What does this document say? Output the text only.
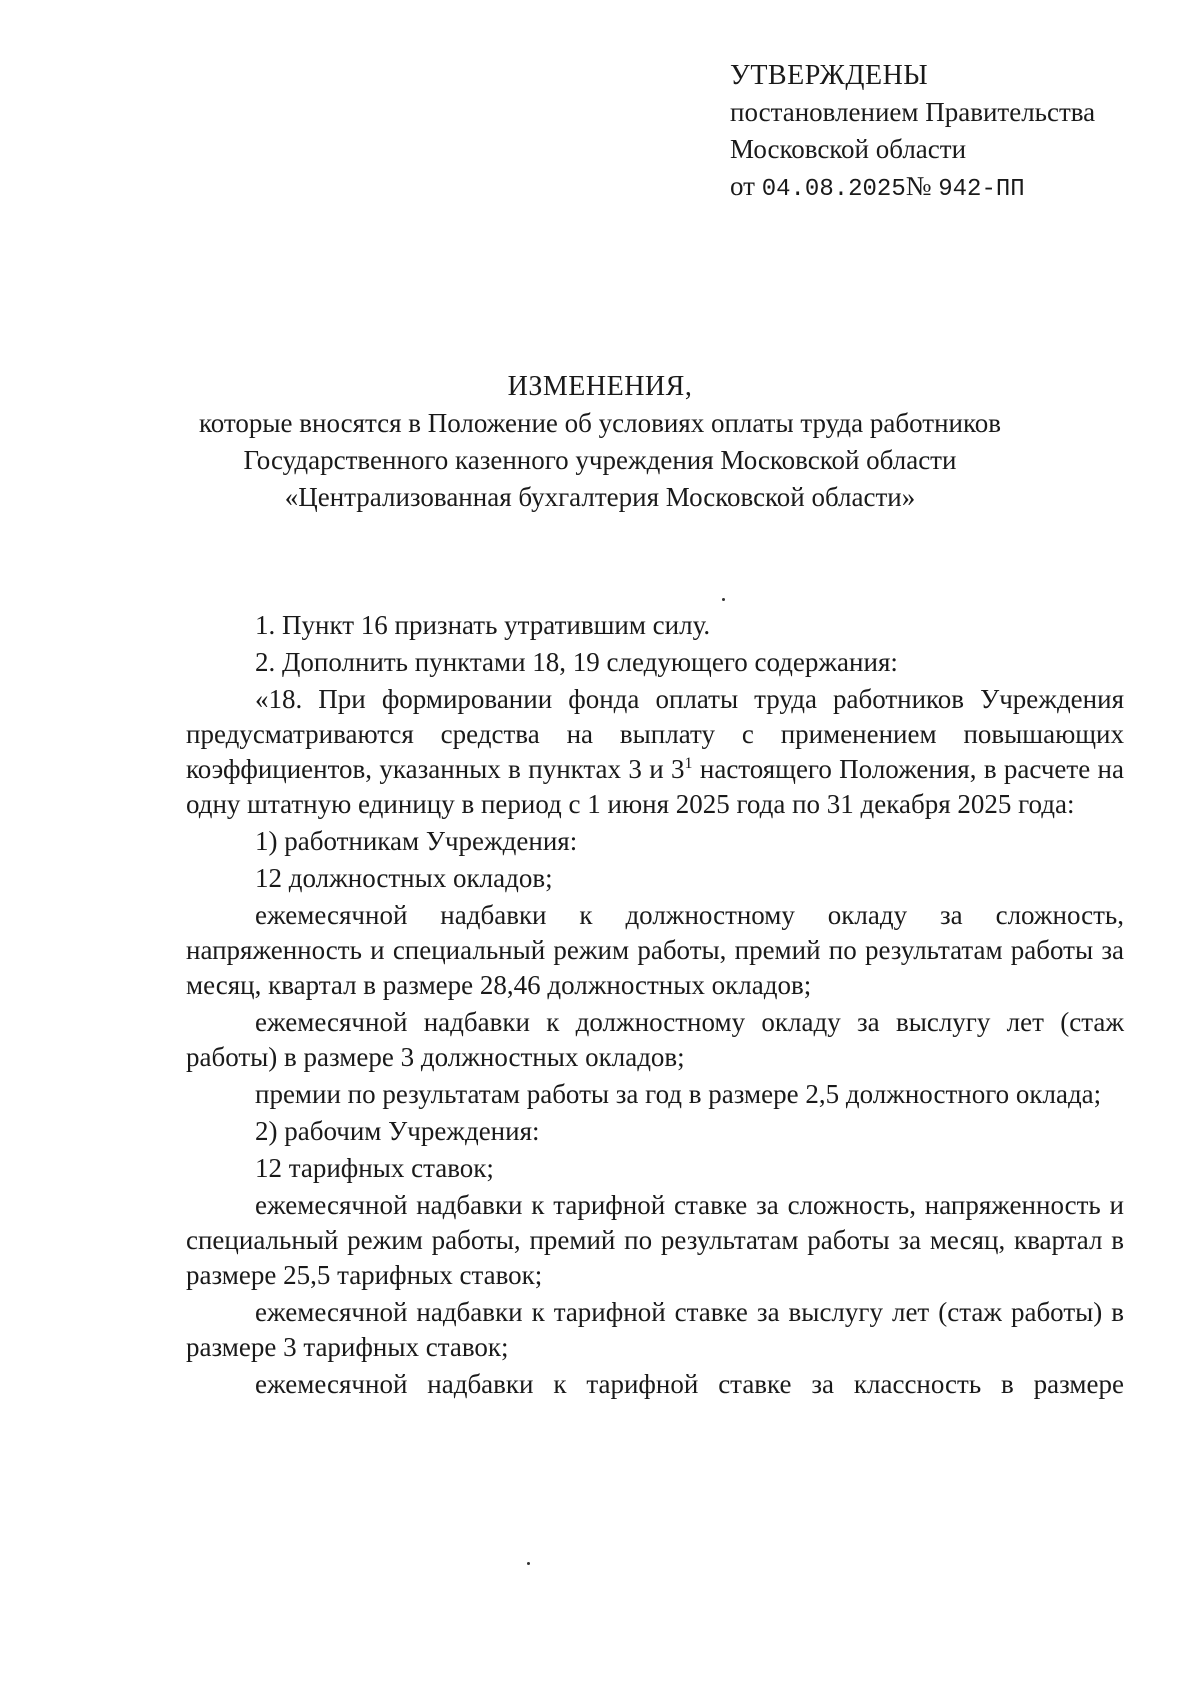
УТВЕРЖДЕНЫ
постановлением Правительства
Московской области
от 04.08.2025№ 942-ПП
ИЗМЕНЕНИЯ,
которые вносятся в Положение об условиях оплаты труда работников
Государственного казенного учреждения Московской области
«Централизованная бухгалтерия Московской области»

1. Пункт 16 признать утратившим силу.

2. Дополнить пунктами 18, 19 следующего содержания:

«18. При формировании фонда оплаты труда работников Учреждения предусматриваются средства на выплату с применением повышающих коэффициентов, указанных в пунктах 3 и $3^1$ настоящего Положения, в расчете на одну штатную единицу в период с 1 июня 2025 года по 31 декабря 2025 года:

1) работникам Учреждения:

12 должностных окладов;

ежемесячной надбавки к должностному окладу за сложность, напряженность и специальный режим работы, премий по результатам работы за месяц, квартал в размере 28,46 должностных окладов;

ежемесячной надбавки к должностному окладу за выслугу лет (стаж работы) в размере 3 должностных окладов;

премии по результатам работы за год в размере 2,5 должностного оклада;

2) рабочим Учреждения:

12 тарифных ставок;

ежемесячной надбавки к тарифной ставке за сложность, напряженность и специальный режим работы, премий по результатам работы за месяц, квартал в размере 25,5 тарифных ставок;

ежемесячной надбавки к тарифной ставке за выслугу лет (стаж работы) в размере 3 тарифных ставок;

ежемесячной надбавки к тарифной ставке за классность в размере
